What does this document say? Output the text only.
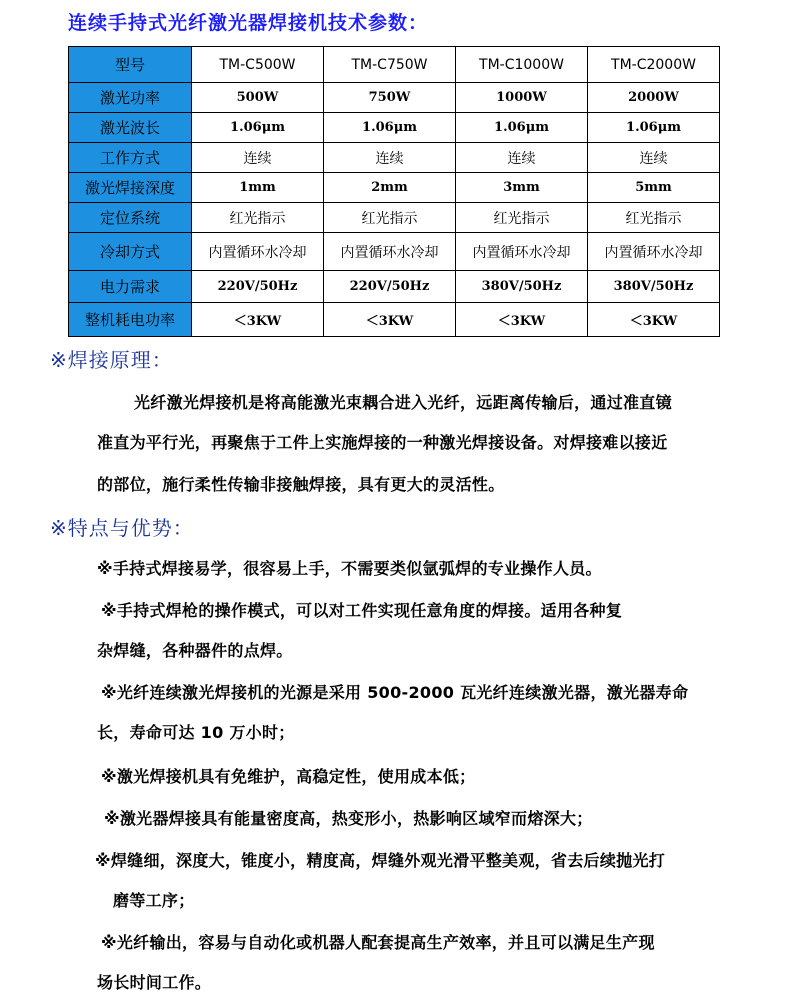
连续手持式光纤激光器焊接机技术参数：
型号	TM-C500W	TM-C750W	TM-C1000W	TM-C2000W
激光功率	500W	750W	1000W	2000W
激光波长	1.06μm	1.06μm	1.06μm	1.06μm
工作方式	连续	连续	连续	连续
激光焊接深度	1mm	2mm	3mm	5mm
定位系统	红光指示	红光指示	红光指示	红光指示
冷却方式	内置循环水冷却	内置循环水冷却	内置循环水冷却	内置循环水冷却
电力需求	220V/50Hz	220V/50Hz	380V/50Hz	380V/50Hz
整机耗电功率	＜3KW	＜3KW	＜3KW	＜3KW
※焊接原理：
光纤激光焊接机是将高能激光束耦合进入光纤，远距离传输后，通过准直镜
准直为平行光，再聚焦于工件上实施焊接的一种激光焊接设备。对焊接难以接近
的部位，施行柔性传输非接触焊接，具有更大的灵活性。
※特点与优势：
※手持式焊接易学，很容易上手，不需要类似氩弧焊的专业操作人员。
※手持式焊枪的操作模式，可以对工件实现任意角度的焊接。适用各种复
杂焊缝，各种器件的点焊。
※光纤连续激光焊接机的光源是采用 500-2000 瓦光纤连续激光器，激光器寿命
长，寿命可达 10 万小时；
※激光焊接机具有免维护，高稳定性，使用成本低；
※激光器焊接具有能量密度高，热变形小，热影响区域窄而熔深大；
※焊缝细，深度大，锥度小，精度高，焊缝外观光滑平整美观，省去后续抛光打
磨等工序；
※光纤输出，容易与自动化或机器人配套提高生产效率，并且可以满足生产现
场长时间工作。
